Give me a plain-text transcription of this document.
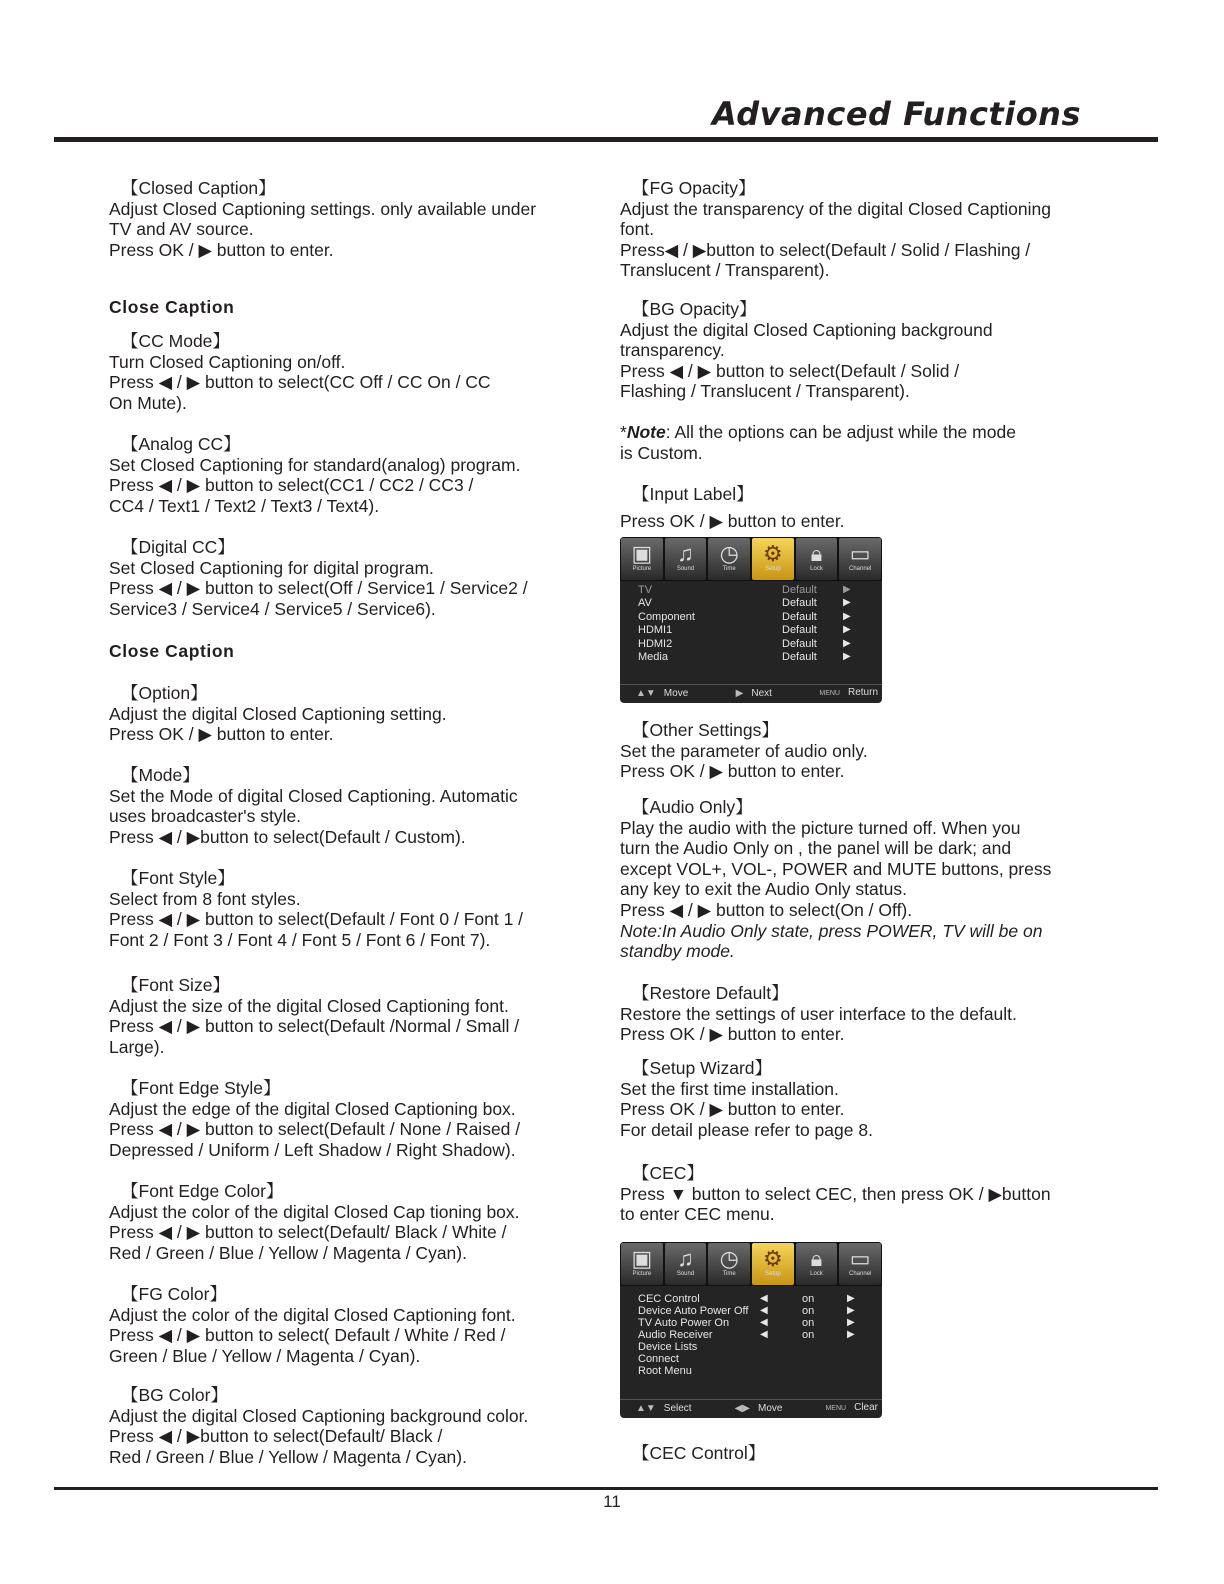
Advanced Functions

【Closed Caption】

Adjust Closed Captioning settings. only available under

TV and AV source.

Press OK / ▶ button to enter.

Close Caption

【CC Mode】

Turn Closed Captioning on/off.

Press ◀ / ▶ button to select(CC Off / CC On / CC

On Mute).

【Analog CC】

Set Closed Captioning for standard(analog) program.

Press ◀ / ▶ button to select(CC1 / CC2 / CC3 /

CC4 / Text1 / Text2 / Text3 / Text4).

【Digital CC】

Set Closed Captioning for digital program.

Press ◀ / ▶ button to select(Off / Service1 / Service2 /

Service3 / Service4 / Service5 / Service6).

Close Caption

【Option】

Adjust the digital Closed Captioning setting.

Press OK / ▶ button to enter.

【Mode】

Set the Mode of digital Closed Captioning. Automatic

uses broadcaster's style.

Press ◀ / ▶button to select(Default / Custom).

【Font Style】

Select from 8 font styles.

Press ◀ / ▶ button to select(Default / Font 0 / Font 1 /

Font 2 / Font 3 / Font 4 / Font 5 / Font 6 / Font 7).

【Font Size】

Adjust the size of the digital Closed Captioning font.

Press ◀ / ▶ button to select(Default /Normal / Small /

Large).

【Font Edge Style】

Adjust the edge of the digital Closed Captioning box.

Press ◀ / ▶ button to select(Default / None / Raised /

Depressed / Uniform / Left Shadow / Right Shadow).

【Font Edge Color】

Adjust the color of the digital Closed Cap tioning box.

Press ◀ / ▶ button to select(Default/ Black / White /

Red / Green / Blue / Yellow / Magenta / Cyan).

【FG Color】

Adjust the color of the digital Closed Captioning font.

Press ◀ / ▶ button to select( Default / White / Red /

Green / Blue / Yellow / Magenta / Cyan).

【BG Color】

Adjust the digital Closed Captioning background color.

Press ◀ / ▶button to select(Default/ Black /

Red / Green / Blue / Yellow / Magenta / Cyan).

【FG Opacity】

Adjust the transparency of the digital Closed Captioning

font.

Press◀ / ▶button to select(Default / Solid / Flashing /

Translucent / Transparent).

【BG Opacity】

Adjust the digital Closed Captioning background

transparency.

Press ◀ / ▶ button to select(Default / Solid /

Flashing / Translucent / Transparent).

*Note: All the options can be adjust while the mode

is Custom.

【Input Label】

Press OK / ▶ button to enter.

▣
Picture
♫
Sound
◷
Time
⚙
Setup
🔒︎
Lock
▭
Channel
TV	Default	▶
AV	Default	▶
Component	Default	▶
HDMI1	Default	▶
HDMI2	Default	▶
Media	Default	▶
▲▼ Move	▶ Next	MENU Return

【Other Settings】

Set the parameter of audio only.

Press OK / ▶ button to enter.

【Audio Only】

Play the audio with the picture turned off. When you

turn the Audio Only on , the panel will be dark; and

except VOL+, VOL-, POWER and MUTE buttons, press

any key to exit the Audio Only status.

Press ◀ / ▶ button to select(On / Off).

Note:In Audio Only state, press POWER, TV will be on

standby mode.

【Restore Default】

Restore the settings of user interface to the default.

Press OK / ▶ button to enter.

【Setup Wizard】

Set the first time installation.

Press OK / ▶ button to enter.

For detail please refer to page 8.

【CEC】

Press ▼ button to select CEC, then press OK / ▶button

to enter CEC menu.

▣
Picture
♫
Sound
◷
Time
⚙
Setup
🔒︎
Lock
▭
Channel
CEC Control	◀	on	▶
Device Auto Power Off ◀	on	▶
TV Auto Power On	◀	on	▶
Audio Receiver	◀	on	▶
Device Lists
Connect
Root Menu
▲▼ Select	◀▶ Move	MENU Clear

【CEC Control】

11
